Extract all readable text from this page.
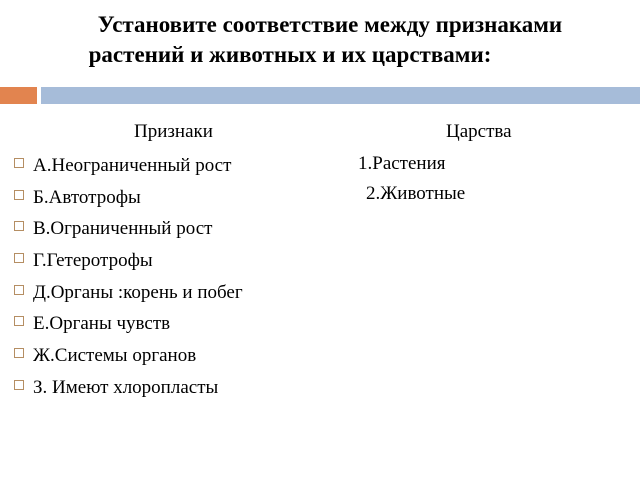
Установите соответствие между признаками
растений и животных и их царствами:
Признаки	Царства
А.Неограниченный рост
Б.Автотрофы
В.Ограниченный рост
Г.Гетеротрофы
Д.Органы :корень и побег
Е.Органы чувств
Ж.Системы органов
З. Имеют хлоропласты
1.Растения
2.Животные
